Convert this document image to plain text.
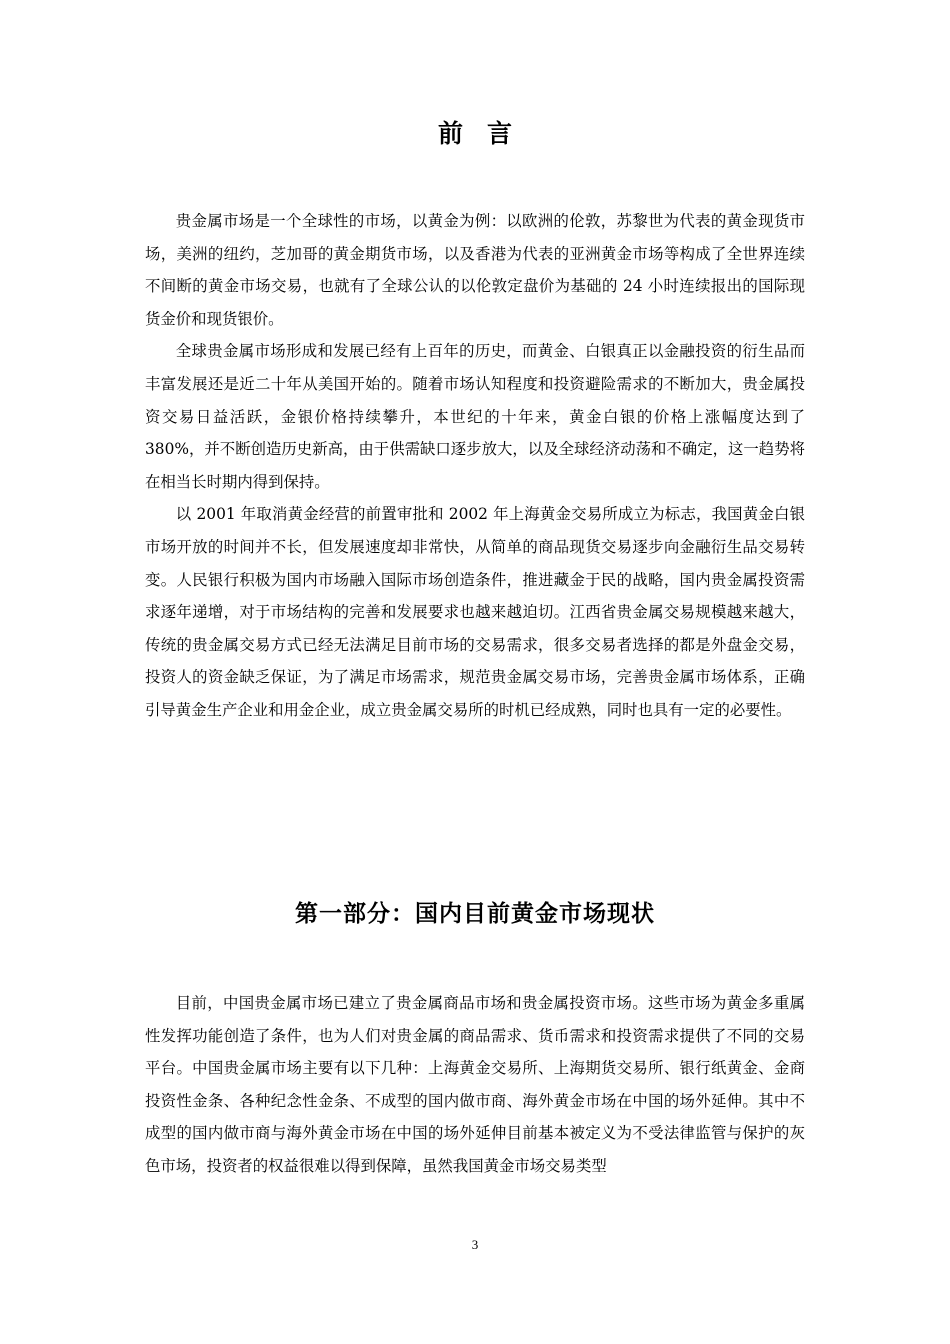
前言

贵金属市场是一个全球性的市场，以黄金为例：以欧洲的伦敦，苏黎世为代表的黄金现货市场，美洲的纽约，芝加哥的黄金期货市场，以及香港为代表的亚洲黄金市场等构成了全世界连续不间断的黄金市场交易，也就有了全球公认的以伦敦定盘价为基础的 24 小时连续报出的国际现货金价和现货银价。

全球贵金属市场形成和发展已经有上百年的历史，而黄金、白银真正以金融投资的衍生品而丰富发展还是近二十年从美国开始的。随着市场认知程度和投资避险需求的不断加大，贵金属投资交易日益活跃，金银价格持续攀升，本世纪的十年来，黄金白银的价格上涨幅度达到了 380%，并不断创造历史新高，由于供需缺口逐步放大，以及全球经济动荡和不确定，这一趋势将在相当长时期内得到保持。

以 2001 年取消黄金经营的前置审批和 2002 年上海黄金交易所成立为标志，我国黄金白银市场开放的时间并不长，但发展速度却非常快，从简单的商品现货交易逐步向金融衍生品交易转变。人民银行积极为国内市场融入国际市场创造条件，推进藏金于民的战略，国内贵金属投资需求逐年递增，对于市场结构的完善和发展要求也越来越迫切。江西省贵金属交易规模越来越大，传统的贵金属交易方式已经无法满足目前市场的交易需求，很多交易者选择的都是外盘金交易，投资人的资金缺乏保证，为了满足市场需求，规范贵金属交易市场，完善贵金属市场体系，正确引导黄金生产企业和用金企业，成立贵金属交易所的时机已经成熟，同时也具有一定的必要性。

第一部分：国内目前黄金市场现状

目前，中国贵金属市场已建立了贵金属商品市场和贵金属投资市场。这些市场为黄金多重属性发挥功能创造了条件，也为人们对贵金属的商品需求、货币需求和投资需求提供了不同的交易平台。中国贵金属市场主要有以下几种：上海黄金交易所、上海期货交易所、银行纸黄金、金商投资性金条、各种纪念性金条、不成型的国内做市商、海外黄金市场在中国的场外延伸。其中不成型的国内做市商与海外黄金市场在中国的场外延伸目前基本被定义为不受法律监管与保护的灰色市场，投资者的权益很难以得到保障，虽然我国黄金市场交易类型

3
